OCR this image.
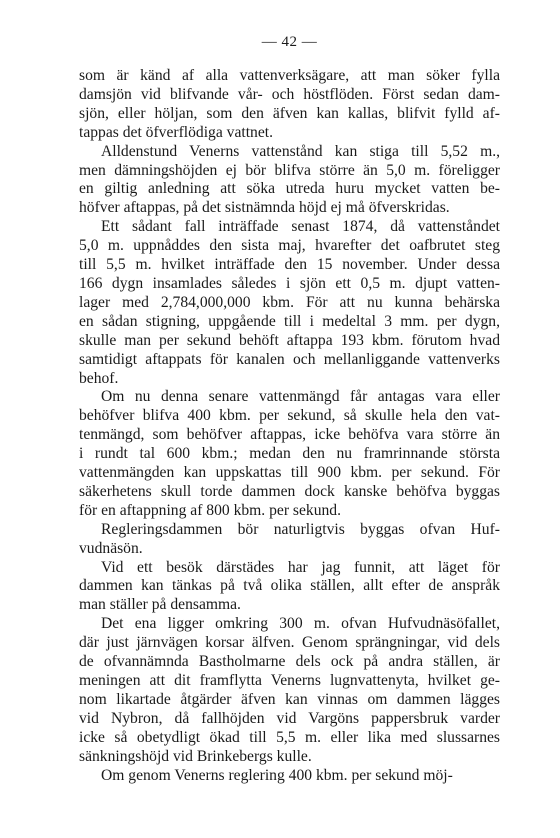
— 42 —

som är känd af alla vattenverksägare, att man söker fylla
damsjön vid blifvande vår- och höstflöden. Först sedan dam-
sjön, eller höljan, som den äfven kan kallas, blifvit fylld af-
tappas det öfverflödiga vattnet.

Alldenstund Venerns vattenstånd kan stiga till 5,52 m.,
men dämningshöjden ej bör blifva större än 5,0 m. föreligger
en giltig anledning att söka utreda huru mycket vatten be-
höfver aftappas, på det sistnämnda höjd ej må öfverskridas.

Ett sådant fall inträffade senast 1874, då vattenståndet
5,0 m. uppnåddes den sista maj, hvarefter det oafbrutet steg
till 5,5 m. hvilket inträffade den 15 november. Under dessa
166 dygn insamlades således i sjön ett 0,5 m. djupt vatten-
lager med 2,784,000,000 kbm. För att nu kunna behärska
en sådan stigning, uppgående till i medeltal 3 mm. per dygn,
skulle man per sekund behöft aftappa 193 kbm. förutom hvad
samtidigt aftappats för kanalen och mellanliggande vattenverks
behof.

Om nu denna senare vattenmängd får antagas vara eller
behöfver blifva 400 kbm. per sekund, så skulle hela den vat-
tenmängd, som behöfver aftappas, icke behöfva vara större än
i rundt tal 600 kbm.; medan den nu framrinnande största
vattenmängden kan uppskattas till 900 kbm. per sekund. För
säkerhetens skull torde dammen dock kanske behöfva byggas
för en aftappning af 800 kbm. per sekund.

Regleringsdammen bör naturligtvis byggas ofvan Huf-
vudnäsön.

Vid ett besök därstädes har jag funnit, att läget för
dammen kan tänkas på två olika ställen, allt efter de anspråk
man ställer på densamma.

Det ena ligger omkring 300 m. ofvan Hufvudnäsöfallet,
där just järnvägen korsar älfven. Genom sprängningar, vid dels
de ofvannämnda Bastholmarne dels ock på andra ställen, är
meningen att dit framflytta Venerns lugnvattenyta, hvilket ge-
nom likartade åtgärder äfven kan vinnas om dammen lägges
vid Nybron, då fallhöjden vid Vargöns pappersbruk varder
icke så obetydligt ökad till 5,5 m. eller lika med slussarnes
sänkningshöjd vid Brinkebergs kulle.

Om genom Venerns reglering 400 kbm. per sekund möj-
